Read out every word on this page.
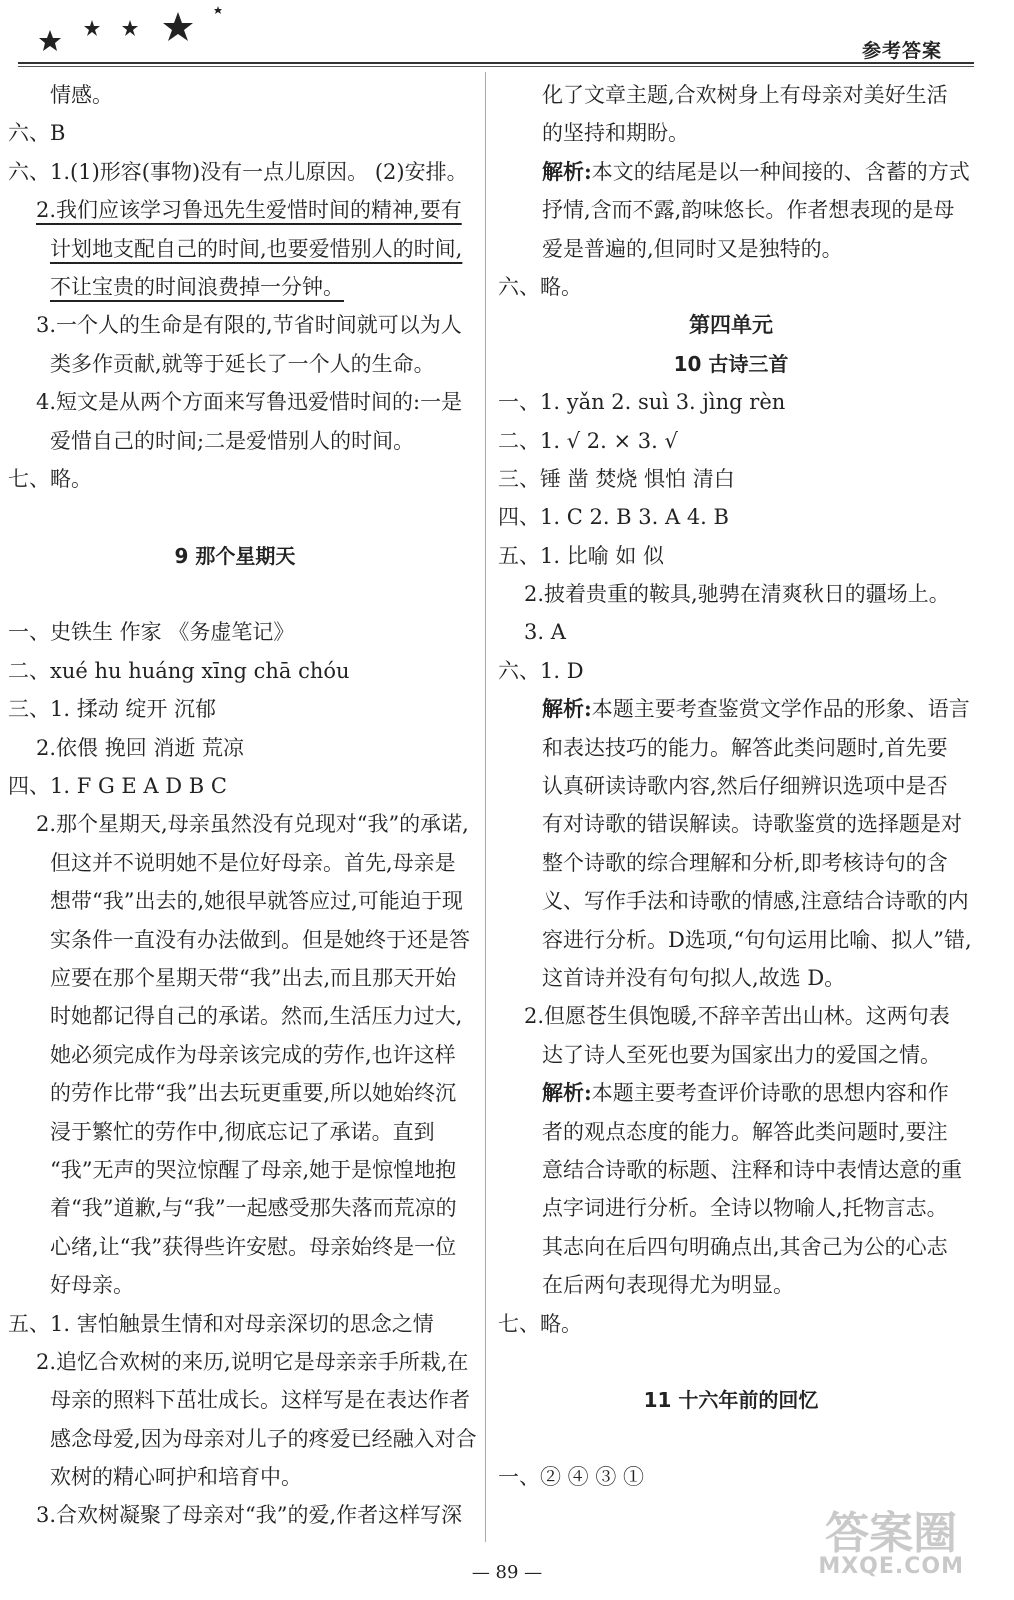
参考答案
情感。
六、B
六、1.(1)形容(事物)没有一点儿原因。 (2)安排。
2.我们应该学习鲁迅先生爱惜时间的精神,要有
计划地支配自己的时间,也要爱惜别人的时间,
不让宝贵的时间浪费掉一分钟。
3.一个人的生命是有限的,节省时间就可以为人
类多作贡献,就等于延长了一个人的生命。
4.短文是从两个方面来写鲁迅爱惜时间的:一是
爱惜自己的时间;二是爱惜别人的时间。
七、略。
9 那个星期天
一、史铁生 作家 《务虚笔记》
二、xué hu huáng xīng chā chóu
三、1. 揉动 绽开 沉郁
2.依偎 挽回 消逝 荒凉
四、1. F G E A D B C
2.那个星期天,母亲虽然没有兑现对“我”的承诺,
但这并不说明她不是位好母亲。首先,母亲是
想带“我”出去的,她很早就答应过,可能迫于现
实条件一直没有办法做到。但是她终于还是答
应要在那个星期天带“我”出去,而且那天开始
时她都记得自己的承诺。然而,生活压力过大,
她必须完成作为母亲该完成的劳作,也许这样
的劳作比带“我”出去玩更重要,所以她始终沉
浸于繁忙的劳作中,彻底忘记了承诺。直到
“我”无声的哭泣惊醒了母亲,她于是惊惶地抱
着“我”道歉,与“我”一起感受那失落而荒凉的
心绪,让“我”获得些许安慰。母亲始终是一位
好母亲。
五、1. 害怕触景生情和对母亲深切的思念之情
2.追忆合欢树的来历,说明它是母亲亲手所栽,在
母亲的照料下茁壮成长。这样写是在表达作者
感念母爱,因为母亲对儿子的疼爱已经融入对合
欢树的精心呵护和培育中。
3.合欢树凝聚了母亲对“我”的爱,作者这样写深
化了文章主题,合欢树身上有母亲对美好生活
的坚持和期盼。
解析:本文的结尾是以一种间接的、含蓄的方式
抒情,含而不露,韵味悠长。作者想表现的是母
爱是普遍的,但同时又是独特的。
六、略。
第四单元
10 古诗三首
一、1. yǎn 2. suì 3. jìng rèn
二、1. √ 2. × 3. √
三、锤 凿 焚烧 惧怕 清白
四、1. C 2. B 3. A 4. B
五、1. 比喻 如 似
2.披着贵重的鞍具,驰骋在清爽秋日的疆场上。
3. A
六、1. D
解析:本题主要考查鉴赏文学作品的形象、语言
和表达技巧的能力。解答此类问题时,首先要
认真研读诗歌内容,然后仔细辨识选项中是否
有对诗歌的错误解读。诗歌鉴赏的选择题是对
整个诗歌的综合理解和分析,即考核诗句的含
义、写作手法和诗歌的情感,注意结合诗歌的内
容进行分析。D选项,“句句运用比喻、拟人”错,
这首诗并没有句句拟人,故选 D。
2.但愿苍生俱饱暖,不辞辛苦出山林。这两句表
达了诗人至死也要为国家出力的爱国之情。
解析:本题主要考查评价诗歌的思想内容和作
者的观点态度的能力。解答此类问题时,要注
意结合诗歌的标题、注释和诗中表情达意的重
点字词进行分析。全诗以物喻人,托物言志。
其志向在后四句明确点出,其舍己为公的心志
在后两句表现得尤为明显。
七、略。
11 十六年前的回忆
一、② ④ ③ ①
— 89 —
答案圈
MXQE.COM
